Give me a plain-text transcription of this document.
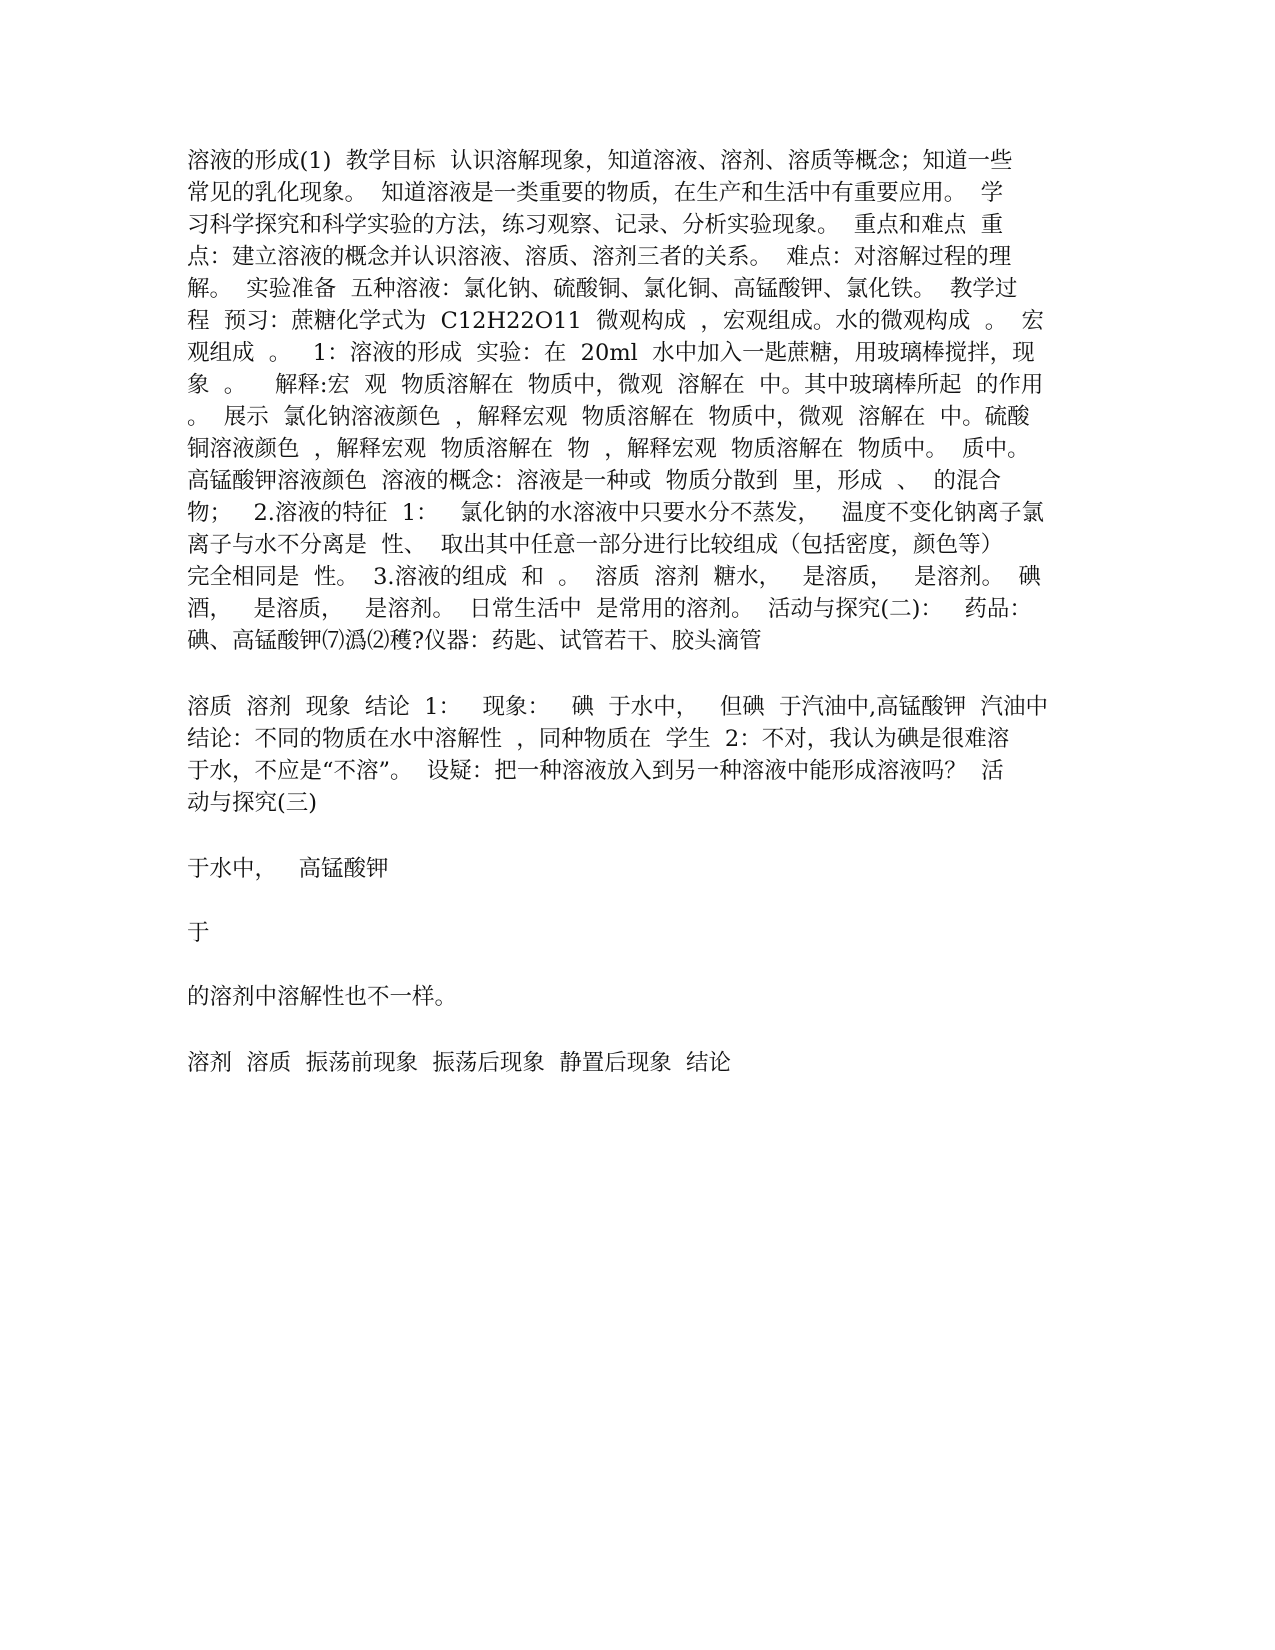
溶液的形成(1)  教学目标  认识溶解现象，知道溶液、溶剂、溶质等概念；知道一些
常见的乳化现象。  知道溶液是一类重要的物质，在生产和生活中有重要应用。  学
习科学探究和科学实验的方法，练习观察、记录、分析实验现象。  重点和难点  重
点：建立溶液的概念并认识溶液、溶质、溶剂三者的关系。  难点：对溶解过程的理
解。  实验准备  五种溶液：氯化钠、硫酸铜、氯化铜、高锰酸钾、氯化铁。  教学过
程  预习：蔗糖化学式为  C12H22O11  微观构成  ，宏观组成。水的微观构成  。  宏
观组成  。   1：溶液的形成  实验：在  20ml  水中加入一匙蔗糖，用玻璃棒搅拌，现
象  。    解释:宏  观  物质溶解在  物质中，微观  溶解在  中。其中玻璃棒所起  的作用
。  展示  氯化钠溶液颜色  ，解释宏观  物质溶解在  物质中，微观  溶解在  中。硫酸
铜溶液颜色  ，解释宏观  物质溶解在  物  ，解释宏观  物质溶解在  物质中。  质中。
高锰酸钾溶液颜色  溶液的概念：溶液是一种或  物质分散到  里，形成  、  的混合
物；   2.溶液的特征  1：   氯化钠的水溶液中只要水分不蒸发，   温度不变化钠离子氯
离子与水不分离是  性、  取出其中任意一部分进行比较组成（包括密度，颜色等）
完全相同是  性。  3.溶液的组成  和  。  溶质  溶剂  糖水，   是溶质，   是溶剂。  碘
酒，   是溶质，   是溶剂。  日常生活中  是常用的溶剂。  活动与探究(二)：   药品：
碘、高锰酸钾⑺潙⑵穫?仪器：药匙、试管若干、胶头滴管
溶质  溶剂  现象  结论  1：   现象：   碘  于水中，   但碘  于汽油中,高锰酸钾  汽油中
结论：不同的物质在水中溶解性  ，同种物质在  学生  2：不对，我认为碘是很难溶
于水，不应是“不溶”。  设疑：把一种溶液放入到另一种溶液中能形成溶液吗？  活
动与探究(三)
于水中，   高锰酸钾
于
的溶剂中溶解性也不一样。
溶剂  溶质  振荡前现象  振荡后现象  静置后现象  结论
